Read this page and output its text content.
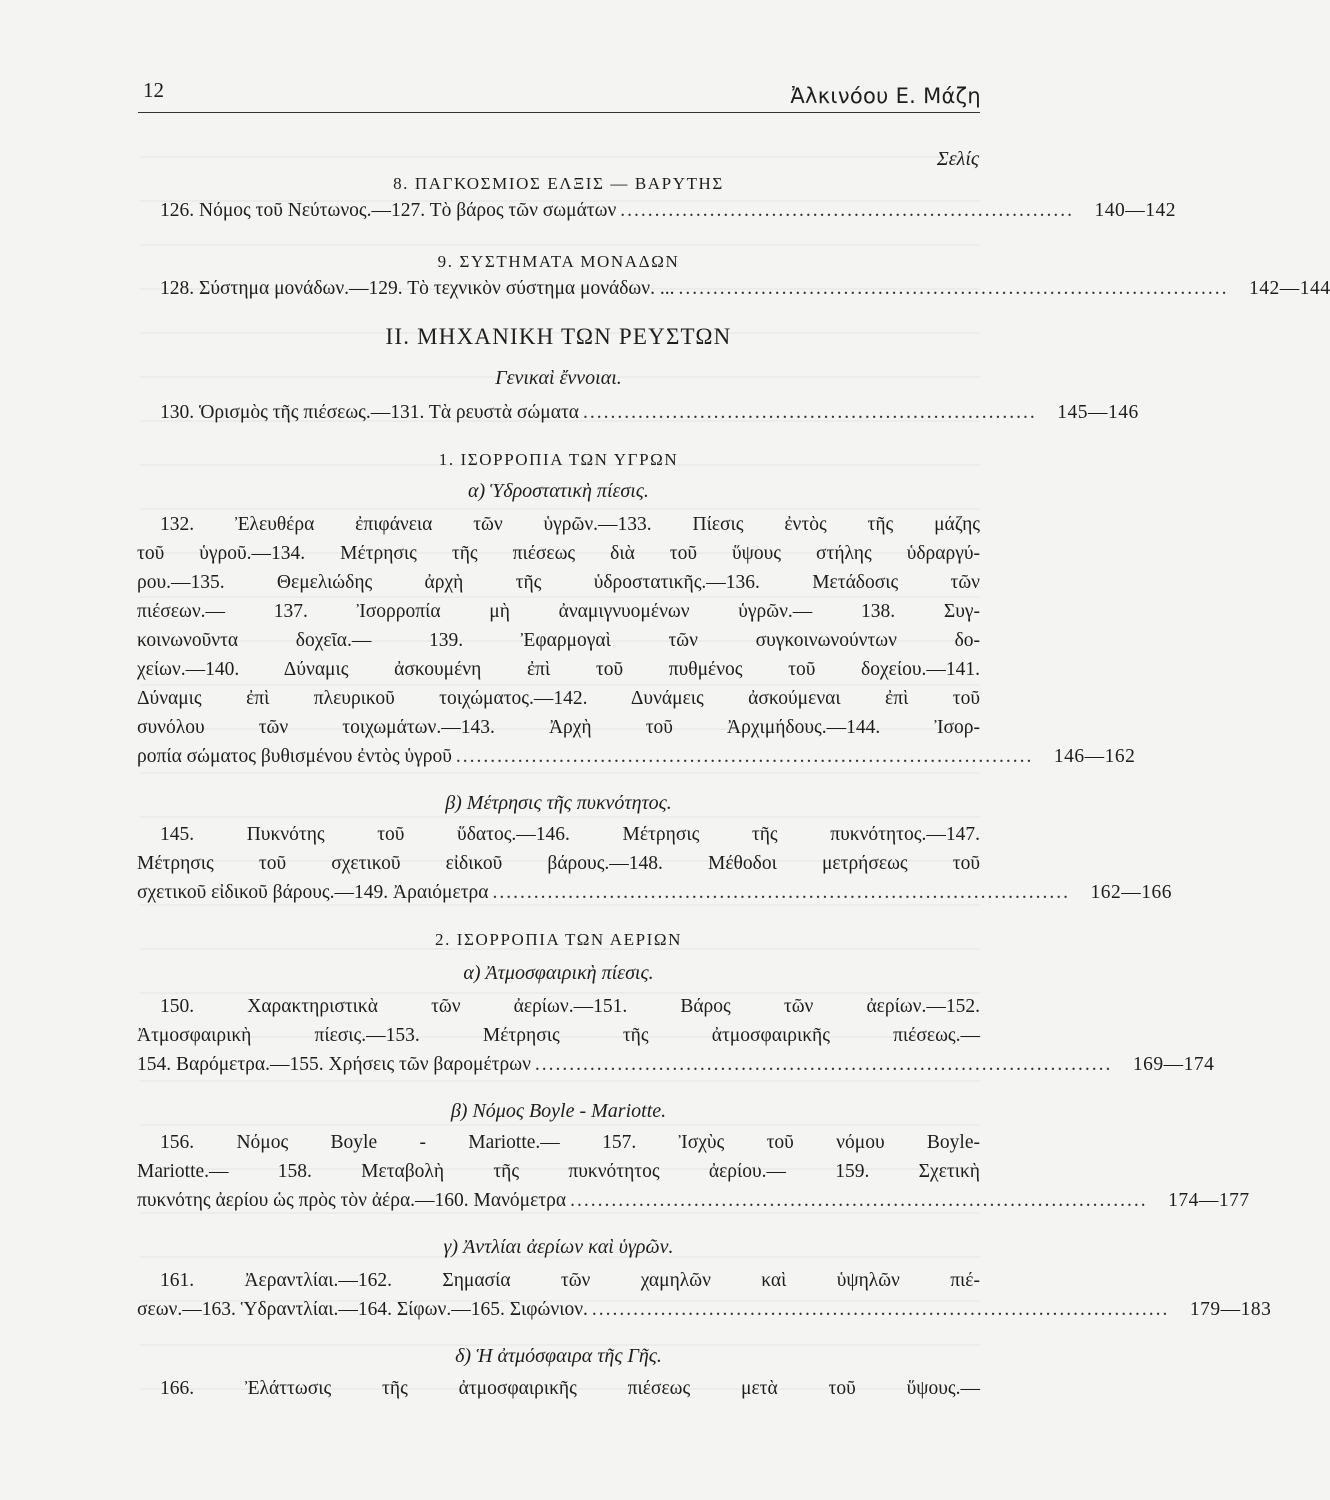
12	Ἀλκινόου Ε. Μάζη
Σελίς
8. ΠΑΓΚΟΣΜΙΟΣ ΕΛΞΙΣ — ΒΑΡΥΤΗΣ
126. Νόμος τοῦ Νεύτωνος.—127. Τὸ βάρος τῶν σωμάτων ..................................................................	140—142
9. ΣΥΣΤΗΜΑΤΑ ΜΟΝΑΔΩΝ
128. Σύστημα μονάδων.—129. Τὸ τεχνικὸν σύστημα μονάδων. ... ................................................................................	142—144
II. ΜΗΧΑΝΙΚΗ ΤΩΝ ΡΕΥΣΤΩΝ
Γενικαὶ ἔννοιαι.
130. Ὁρισμὸς τῆς πιέσεως.—131. Τὰ ρευστὰ σώματα ..................................................................	145—146
1. ΙΣΟΡΡΟΠΙΑ ΤΩΝ ΥΓΡΩΝ
α) Ὑδροστατικὴ πίεσις.
132. Ἐλευθέρα ἐπιφάνεια τῶν ὑγρῶν.—133. Πίεσις ἐντὸς τῆς μάζης
τοῦ ὑγροῦ.—134. Μέτρησις τῆς πιέσεως διὰ τοῦ ὕψους στήλης ὑδραργύ-
ρου.—135. Θεμελιώδης ἀρχὴ τῆς ὑδροστατικῆς.—136. Μετάδοσις τῶν
πιέσεων.— 137. Ἰσορροπία μὴ ἀναμιγνυομένων ὑγρῶν.— 138. Συγ-
κοινωνοῦντα δοχεῖα.— 139. Ἐφαρμογαὶ τῶν συγκοινωνούντων δο-
χείων.—140. Δύναμις ἀσκουμένη ἐπὶ τοῦ πυθμένος τοῦ δοχείου.—141.
Δύναμις ἐπὶ πλευρικοῦ τοιχώματος.—142. Δυνάμεις ἀσκούμεναι ἐπὶ τοῦ
συνόλου τῶν τοιχωμάτων.—143. Ἀρχὴ τοῦ Ἀρχιμήδους.—144. Ἰσορ-
ροπία σώματος βυθισμένου ἐντὸς ὑγροῦ ....................................................................................	146—162
β) Μέτρησις τῆς πυκνότητος.
145. Πυκνότης τοῦ ὕδατος.—146. Μέτρησις τῆς πυκνότητος.—147.
Μέτρησις τοῦ σχετικοῦ εἰδικοῦ βάρους.—148. Μέθοδοι μετρήσεως τοῦ
σχετικοῦ εἰδικοῦ βάρους.—149. Ἀραιόμετρα ....................................................................................	162—166
2. ΙΣΟΡΡΟΠΙΑ ΤΩΝ ΑΕΡΙΩΝ
α) Ἀτμοσφαιρικὴ πίεσις.
150. Χαρακτηριστικὰ τῶν ἀερίων.—151. Βάρος τῶν ἀερίων.—152.
Ἀτμοσφαιρικὴ πίεσις.—153. Μέτρησις τῆς ἀτμοσφαιρικῆς πιέσεως.—
154. Βαρόμετρα.—155. Χρήσεις τῶν βαρομέτρων ....................................................................................	169—174
β) Νόμος Boyle - Mariotte.
156. Νόμος Boyle - Mariotte.— 157. Ἰσχὺς τοῦ νόμου Boyle-
Mariotte.— 158. Μεταβολὴ τῆς πυκνότητος ἀερίου.— 159. Σχετικὴ
πυκνότης ἀερίου ὡς πρὸς τὸν ἀέρα.—160. Μανόμετρα ....................................................................................	174—177
γ) Ἀντλίαι ἀερίων καὶ ὑγρῶν.
161. Ἀεραντλίαι.—162. Σημασία τῶν χαμηλῶν καὶ ὑψηλῶν πιέ-
σεων.—163. Ὑδραντλίαι.—164. Σίφων.—165. Σιφώνιον. ....................................................................................	179—183
δ) Ἡ ἀτμόσφαιρα τῆς Γῆς.
166. Ἐλάττωσις τῆς ἀτμοσφαιρικῆς πιέσεως μετὰ τοῦ ὕψους.—
